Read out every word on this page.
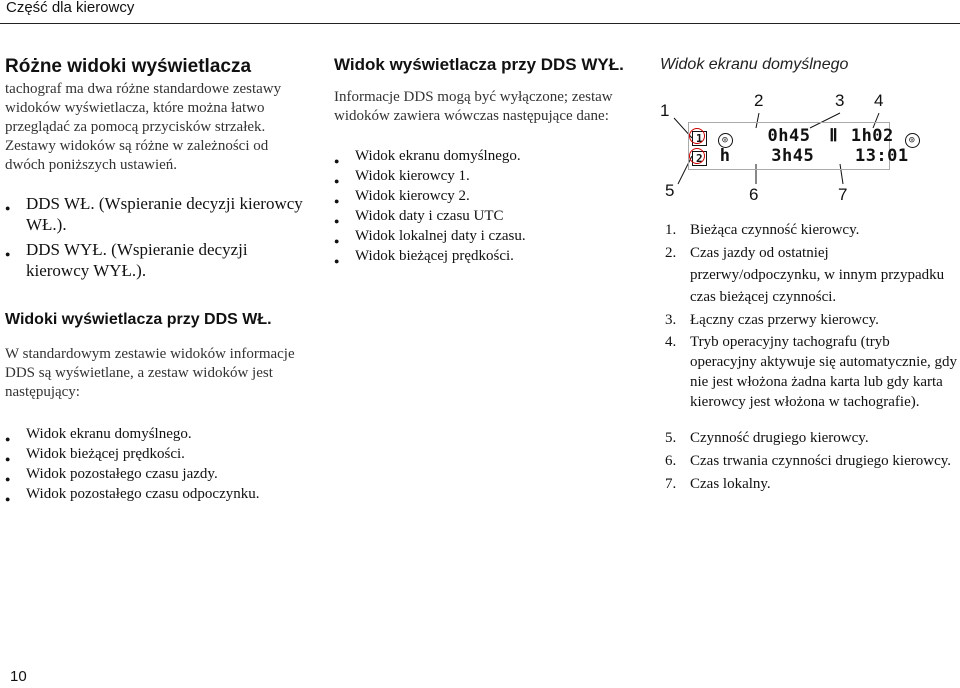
Część dla kierowcy
Różne widoki wyświetlacza

tachograf ma dwa różne standardowe zestawy widoków wyświetlacza, które można łatwo przeglądać za pomocą przycisków strzałek. Zestawy widoków są różne w zależności od dwóch poniższych ustawień.

● DDS WŁ. (Wspieranie decyzji kierowcy WŁ.).
● DDS WYŁ. (Wspieranie decyzji kierowcy WYŁ.).
Widoki wyświetlacza przy DDS WŁ.

W standardowym zestawie widoków informacje DDS są wyświetlane, a zestaw widoków jest następujący:

● Widok ekranu domyślnego.
● Widok bieżącej prędkości.
● Widok pozostałego czasu jazdy.
● Widok pozostałego czasu odpoczynku.
Widok wyświetlacza przy DDS WYŁ.

Informacje DDS mogą być wyłączone; zestaw widoków zawiera wówczas następujące dane:

● Widok ekranu domyślnego.
● Widok kierowcy 1.
● Widok kierowcy 2.
● Widok daty i czasu UTC
● Widok lokalnej daty i czasu.
● Widok bieżącej prędkości.
Widok ekranu domyślnego
1
2	3 4
5	6	7
1 ◎ 0h45 Ⅱ 1h02 ◎
2 h 3h45 13:01
1. Bieżąca czynność kierowcy.
2. Czas jazdy od ostatniej przerwy/odpoczynku, w innym przypadku czas bieżącej czynności.
3. Łączny czas przerwy kierowcy.
4. Tryb operacyjny tachografu (tryb operacyjny aktywuje się automatycznie, gdy nie jest włożona żadna karta lub gdy karta kierowcy jest włożona w tachografie).
5. Czynność drugiego kierowcy.
6. Czas trwania czynności drugiego kierowcy.
7. Czas lokalny.
10
